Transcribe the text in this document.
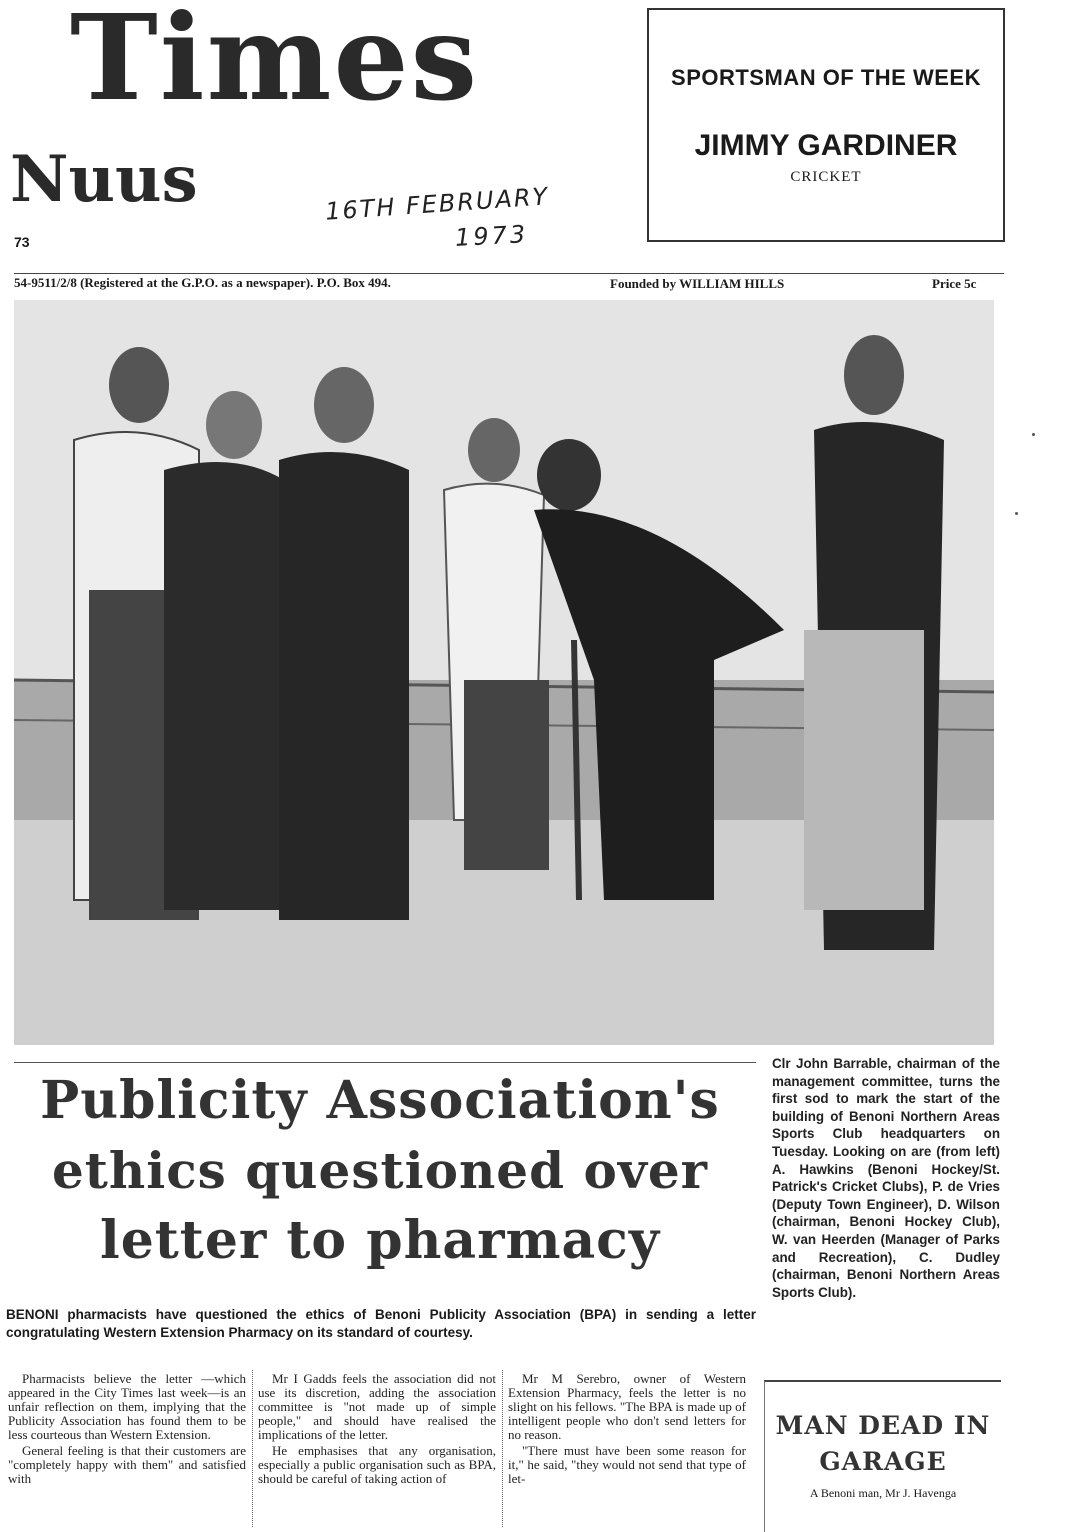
Times
Nuus
73
16TH FEBRUARY
1973
SPORTSMAN OF THE WEEK
JIMMY GARDINER
CRICKET
54-9511/2/8 (Registered at the G.P.O. as a newspaper). P.O. Box 494.	Founded by WILLIAM HILLS	Price 5c
Clr John Barrable, chairman of the management committee, turns the first sod to mark the start of the building of Benoni Northern Areas Sports Club headquarters on Tuesday. Looking on are (from left) A. Hawkins (Benoni Hockey/St. Patrick's Cricket Clubs), P. de Vries (Deputy Town Engineer), D. Wilson (chairman, Benoni Hockey Club), W. van Heerden (Manager of Parks and Recreation), C. Dudley (chairman, Benoni Northern Areas Sports Club).
Publicity Association's
ethics questioned over
letter to pharmacy
BENONI pharmacists have questioned the ethics of Benoni Publicity Association (BPA) in sending a letter congratulating Western Extension Pharmacy on its standard of courtesy.

Pharmacists believe the letter —which appeared in the City Times last week—is an unfair reflection on them, implying that the Publicity Association has found them to be less courteous than Western Extension.

General feeling is that their customers are "completely happy with them" and satisfied with

Mr I Gadds feels the association did not use its discretion, adding the association committee is "not made up of simple people," and should have realised the implications of the letter.

He emphasises that any organisation, especially a public organisation such as BPA, should be careful of taking action of

Mr M Serebro, owner of Western Extension Pharmacy, feels the letter is no slight on his fellows. "The BPA is made up of intelligent people who don't send letters for no reason.

"There must have been some reason for it," he said, "they would not send that type of let-

MAN DEAD IN
GARAGE
A Benoni man, Mr J. Havenga
